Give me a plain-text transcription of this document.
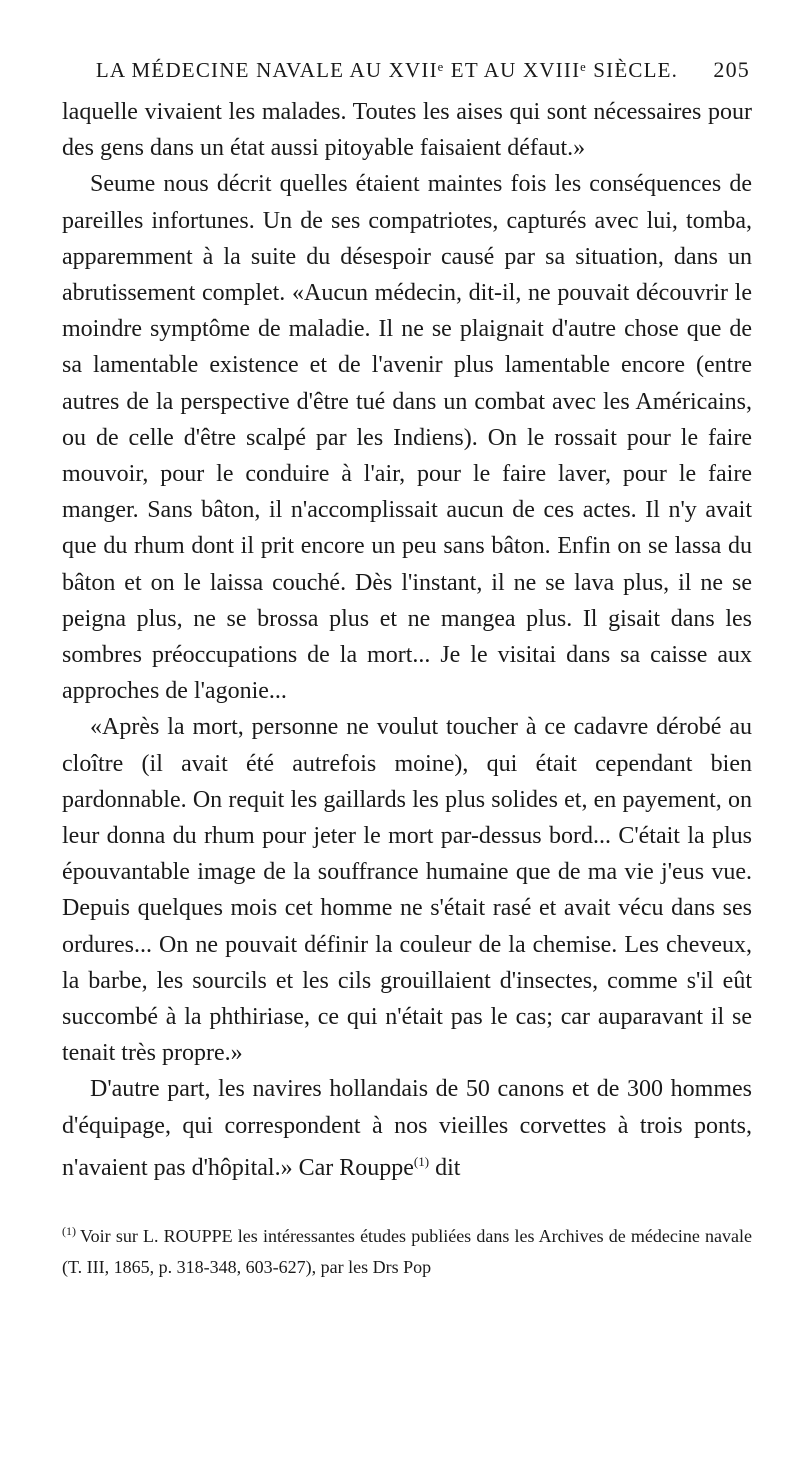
LA MÉDECINE NAVALE AU XVIIᵉ ET AU XVIIIᵉ SIÈCLE. 205

laquelle vivaient les malades. Toutes les aises qui sont nécessaires pour des gens dans un état aussi pitoyable faisaient défaut.»

Seume nous décrit quelles étaient maintes fois les conséquences de pareilles infortunes. Un de ses compatriotes, capturés avec lui, tomba, apparemment à la suite du désespoir causé par sa situation, dans un abrutissement complet. «Aucun médecin, dit-il, ne pouvait découvrir le moindre symptôme de maladie. Il ne se plaignait d'autre chose que de sa lamentable existence et de l'avenir plus lamentable encore (entre autres de la perspective d'être tué dans un combat avec les Américains, ou de celle d'être scalpé par les Indiens). On le rossait pour le faire mouvoir, pour le conduire à l'air, pour le faire laver, pour le faire manger. Sans bâton, il n'accomplissait aucun de ces actes. Il n'y avait que du rhum dont il prit encore un peu sans bâton. Enfin on se lassa du bâton et on le laissa couché. Dès l'instant, il ne se lava plus, il ne se peigna plus, ne se brossa plus et ne mangea plus. Il gisait dans les sombres préoccupations de la mort... Je le visitai dans sa caisse aux approches de l'agonie...

«Après la mort, personne ne voulut toucher à ce cadavre dérobé au cloître (il avait été autrefois moine), qui était cependant bien pardonnable. On requit les gaillards les plus solides et, en payement, on leur donna du rhum pour jeter le mort par-dessus bord... C'était la plus épouvantable image de la souffrance humaine que de ma vie j'eus vue. Depuis quelques mois cet homme ne s'était rasé et avait vécu dans ses ordures... On ne pouvait définir la couleur de la chemise. Les cheveux, la barbe, les sourcils et les cils grouillaient d'insectes, comme s'il eût succombé à la phthiriase, ce qui n'était pas le cas; car auparavant il se tenait très propre.»

D'autre part, les navires hollandais de 50 canons et de 300 hommes d'équipage, qui correspondent à nos vieilles corvettes à trois ponts, n'avaient pas d'hôpital.» Car Rouppe$^{(1)}$ dit

$^{(1)}$ Voir sur L. ROUPPE les intéressantes études publiées dans les Archives de médecine navale (T. III, 1865, p. 318-348, 603-627), par les Drs Pop
